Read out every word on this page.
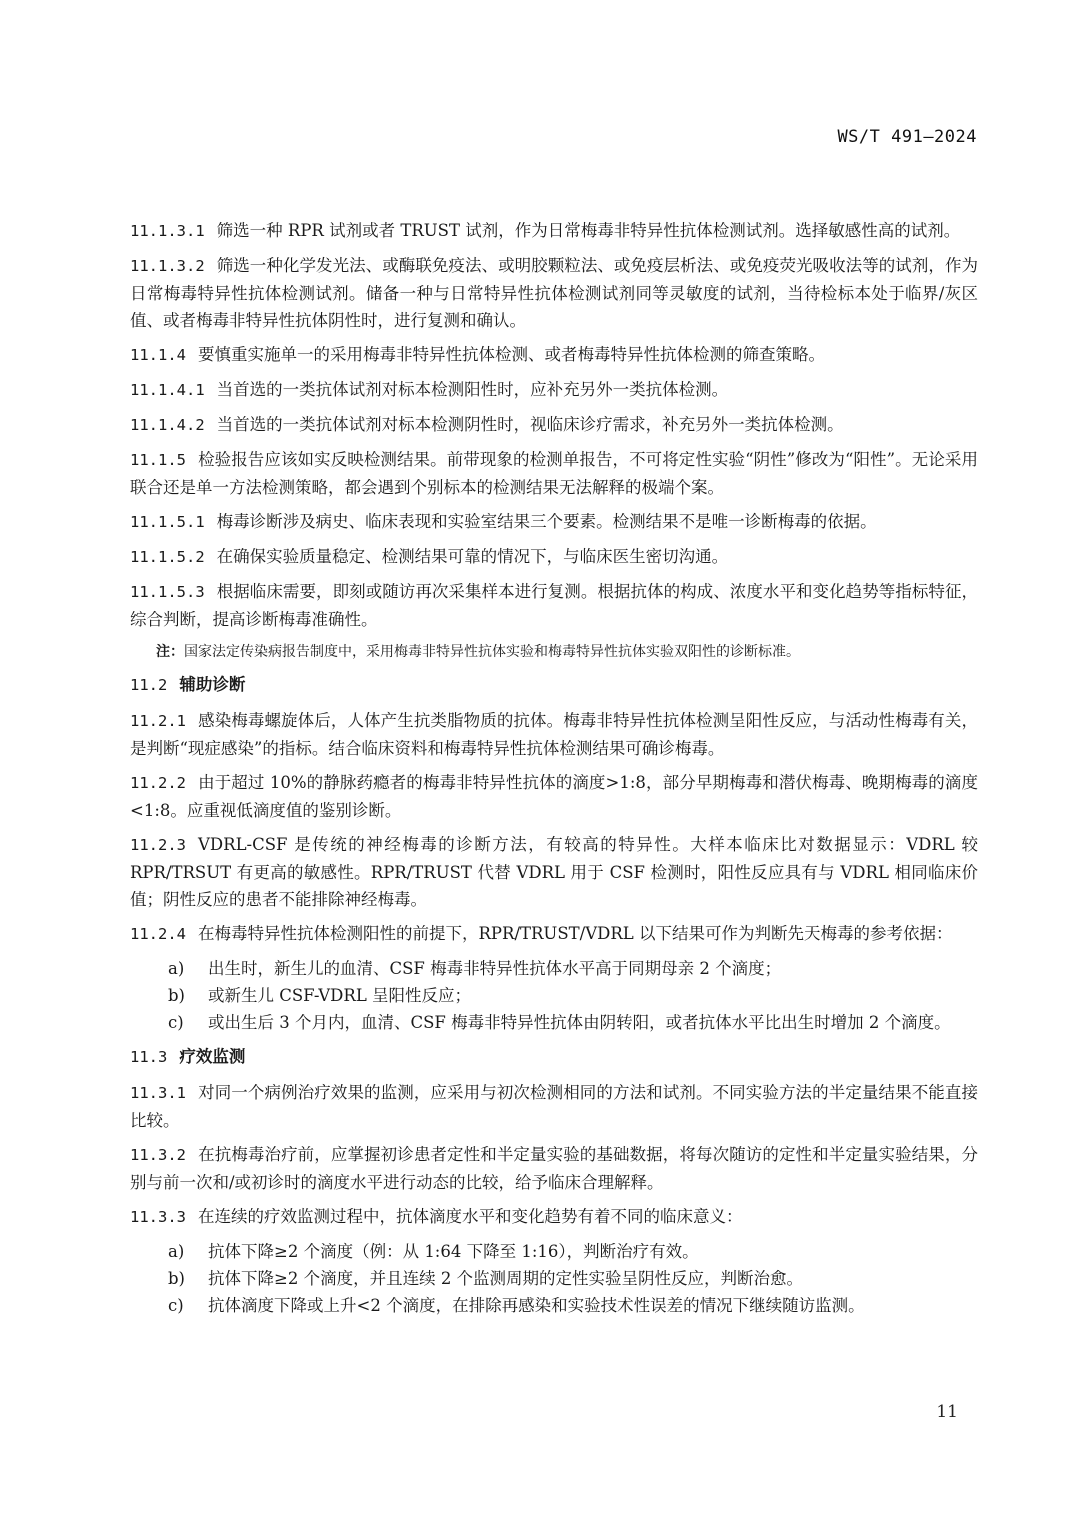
WS/T 491—2024

11.1.3.1 筛选一种 RPR 试剂或者 TRUST 试剂，作为日常梅毒非特异性抗体检测试剂。选择敏感性高的试剂。

11.1.3.2 筛选一种化学发光法、或酶联免疫法、或明胶颗粒法、或免疫层析法、或免疫荧光吸收法等的试剂，作为日常梅毒特异性抗体检测试剂。储备一种与日常特异性抗体检测试剂同等灵敏度的试剂，当待检标本处于临界/灰区值、或者梅毒非特异性抗体阴性时，进行复测和确认。

11.1.4 要慎重实施单一的采用梅毒非特异性抗体检测、或者梅毒特异性抗体检测的筛查策略。

11.1.4.1 当首选的一类抗体试剂对标本检测阳性时，应补充另外一类抗体检测。

11.1.4.2 当首选的一类抗体试剂对标本检测阴性时，视临床诊疗需求，补充另外一类抗体检测。

11.1.5 检验报告应该如实反映检测结果。前带现象的检测单报告，不可将定性实验“阴性”修改为“阳性”。无论采用联合还是单一方法检测策略，都会遇到个别标本的检测结果无法解释的极端个案。

11.1.5.1 梅毒诊断涉及病史、临床表现和实验室结果三个要素。检测结果不是唯一诊断梅毒的依据。

11.1.5.2 在确保实验质量稳定、检测结果可靠的情况下，与临床医生密切沟通。

11.1.5.3 根据临床需要，即刻或随访再次采集样本进行复测。根据抗体的构成、浓度水平和变化趋势等指标特征，综合判断，提高诊断梅毒准确性。

注：国家法定传染病报告制度中，采用梅毒非特异性抗体实验和梅毒特异性抗体实验双阳性的诊断标准。

11.2 辅助诊断

11.2.1 感染梅毒螺旋体后，人体产生抗类脂物质的抗体。梅毒非特异性抗体检测呈阳性反应，与活动性梅毒有关，是判断“现症感染”的指标。结合临床资料和梅毒特异性抗体检测结果可确诊梅毒。

11.2.2 由于超过 10%的静脉药瘾者的梅毒非特异性抗体的滴度>1:8，部分早期梅毒和潜伏梅毒、晚期梅毒的滴度<1:8。应重视低滴度值的鉴别诊断。

11.2.3 VDRL-CSF 是传统的神经梅毒的诊断方法，有较高的特异性。大样本临床比对数据显示：VDRL 较 RPR/TRSUT 有更高的敏感性。RPR/TRUST 代替 VDRL 用于 CSF 检测时，阳性反应具有与 VDRL 相同临床价值；阴性反应的患者不能排除神经梅毒。

11.2.4 在梅毒特异性抗体检测阳性的前提下，RPR/TRUST/VDRL 以下结果可作为判断先天梅毒的参考依据：

a)	出生时，新生儿的血清、CSF 梅毒非特异性抗体水平高于同期母亲 2 个滴度；
b)	或新生儿 CSF-VDRL 呈阳性反应；
c)	或出生后 3 个月内，血清、CSF 梅毒非特异性抗体由阴转阳，或者抗体水平比出生时增加 2 个滴度。
11.3 疗效监测

11.3.1 对同一个病例治疗效果的监测，应采用与初次检测相同的方法和试剂。不同实验方法的半定量结果不能直接比较。

11.3.2 在抗梅毒治疗前，应掌握初诊患者定性和半定量实验的基础数据，将每次随访的定性和半定量实验结果，分别与前一次和/或初诊时的滴度水平进行动态的比较，给予临床合理解释。

11.3.3 在连续的疗效监测过程中，抗体滴度水平和变化趋势有着不同的临床意义：

a)	抗体下降≥2 个滴度（例：从 1:64 下降至 1:16），判断治疗有效。
b)	抗体下降≥2 个滴度，并且连续 2 个监测周期的定性实验呈阴性反应，判断治愈。
c)	抗体滴度下降或上升<2 个滴度，在排除再感染和实验技术性误差的情况下继续随访监测。
11
